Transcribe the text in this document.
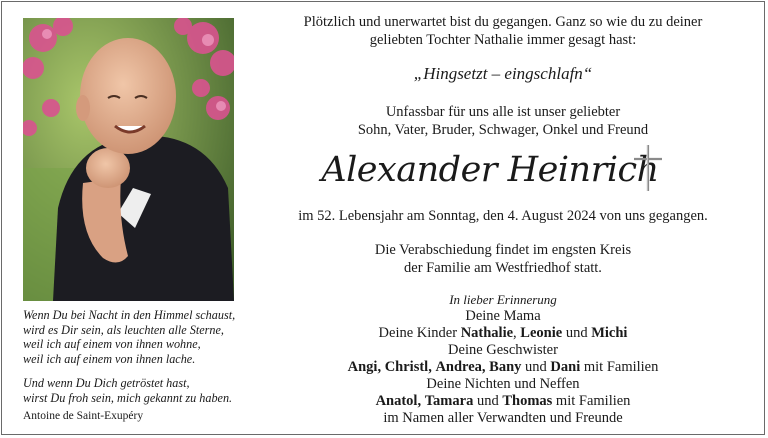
Wenn Du bei Nacht in den Himmel schaust,

wird es Dir sein, als leuchten alle Sterne,

weil ich auf einem von ihnen wohne,

weil ich auf einem von ihnen lache.

Und wenn Du Dich getröstet hast,

wirst Du froh sein, mich gekannt zu haben.

Antoine de Saint-Exupéry
Plötzlich und unerwartet bist du gegangen. Ganz so wie du zu deiner
geliebten Tochter Nathalie immer gesagt hast:
„Hingsetzt – eingschlafn“
Unfassbar für uns alle ist unser geliebter
Sohn, Vater, Bruder, Schwager, Onkel und Freund
Alexander Heinrich
im 52. Lebensjahr am Sonntag, den 4. August 2024 von uns gegangen.
Die Verabschiedung findet im engsten Kreis
der Familie am Westfriedhof statt.
In lieber Erinnerung
Deine Mama
Deine Kinder Nathalie, Leonie und Michi
Deine Geschwister
Angi, Christl, Andrea, Bany und Dani mit Familien
Deine Nichten und Neffen
Anatol, Tamara und Thomas mit Familien
im Namen aller Verwandten und Freunde
